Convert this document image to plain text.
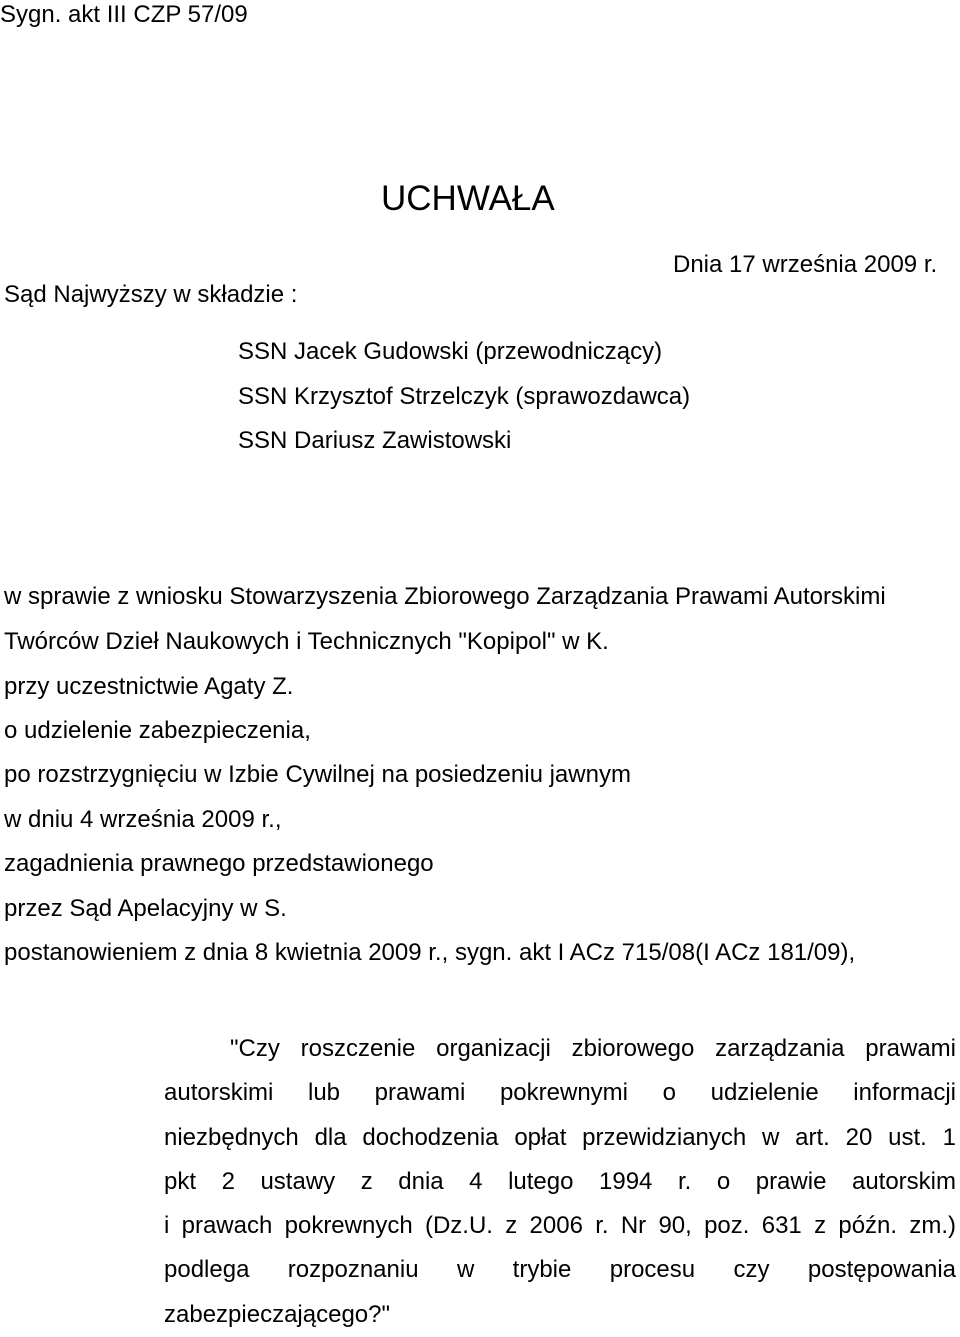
Sygn. akt III CZP 57/09
UCHWAŁA
Dnia 17 września 2009 r.
Sąd Najwyższy w składzie :
SSN Jacek Gudowski (przewodniczący)
SSN Krzysztof Strzelczyk (sprawozdawca)
SSN Dariusz Zawistowski
w sprawie z wniosku Stowarzyszenia Zbiorowego Zarządzania Prawami Autorskimi
Twórców Dzieł Naukowych i Technicznych "Kopipol" w K.
przy uczestnictwie Agaty Z.
o udzielenie zabezpieczenia,
po rozstrzygnięciu w Izbie Cywilnej na posiedzeniu jawnym
w dniu 4 września 2009 r.,
zagadnienia prawnego przedstawionego
przez Sąd Apelacyjny w S.
postanowieniem z dnia 8 kwietnia 2009 r., sygn. akt I ACz 715/08(I ACz 181/09),
"Czy roszczenie organizacji zbiorowego zarządzania prawami
autorskimi lub prawami pokrewnymi o udzielenie informacji
niezbędnych dla dochodzenia opłat przewidzianych w art. 20 ust. 1
pkt 2 ustawy z dnia 4 lutego 1994 r. o prawie autorskim
i prawach pokrewnych (Dz.U. z 2006 r. Nr 90, poz. 631 z późn. zm.)
podlega rozpoznaniu w trybie procesu czy postępowania
zabezpieczającego?"
